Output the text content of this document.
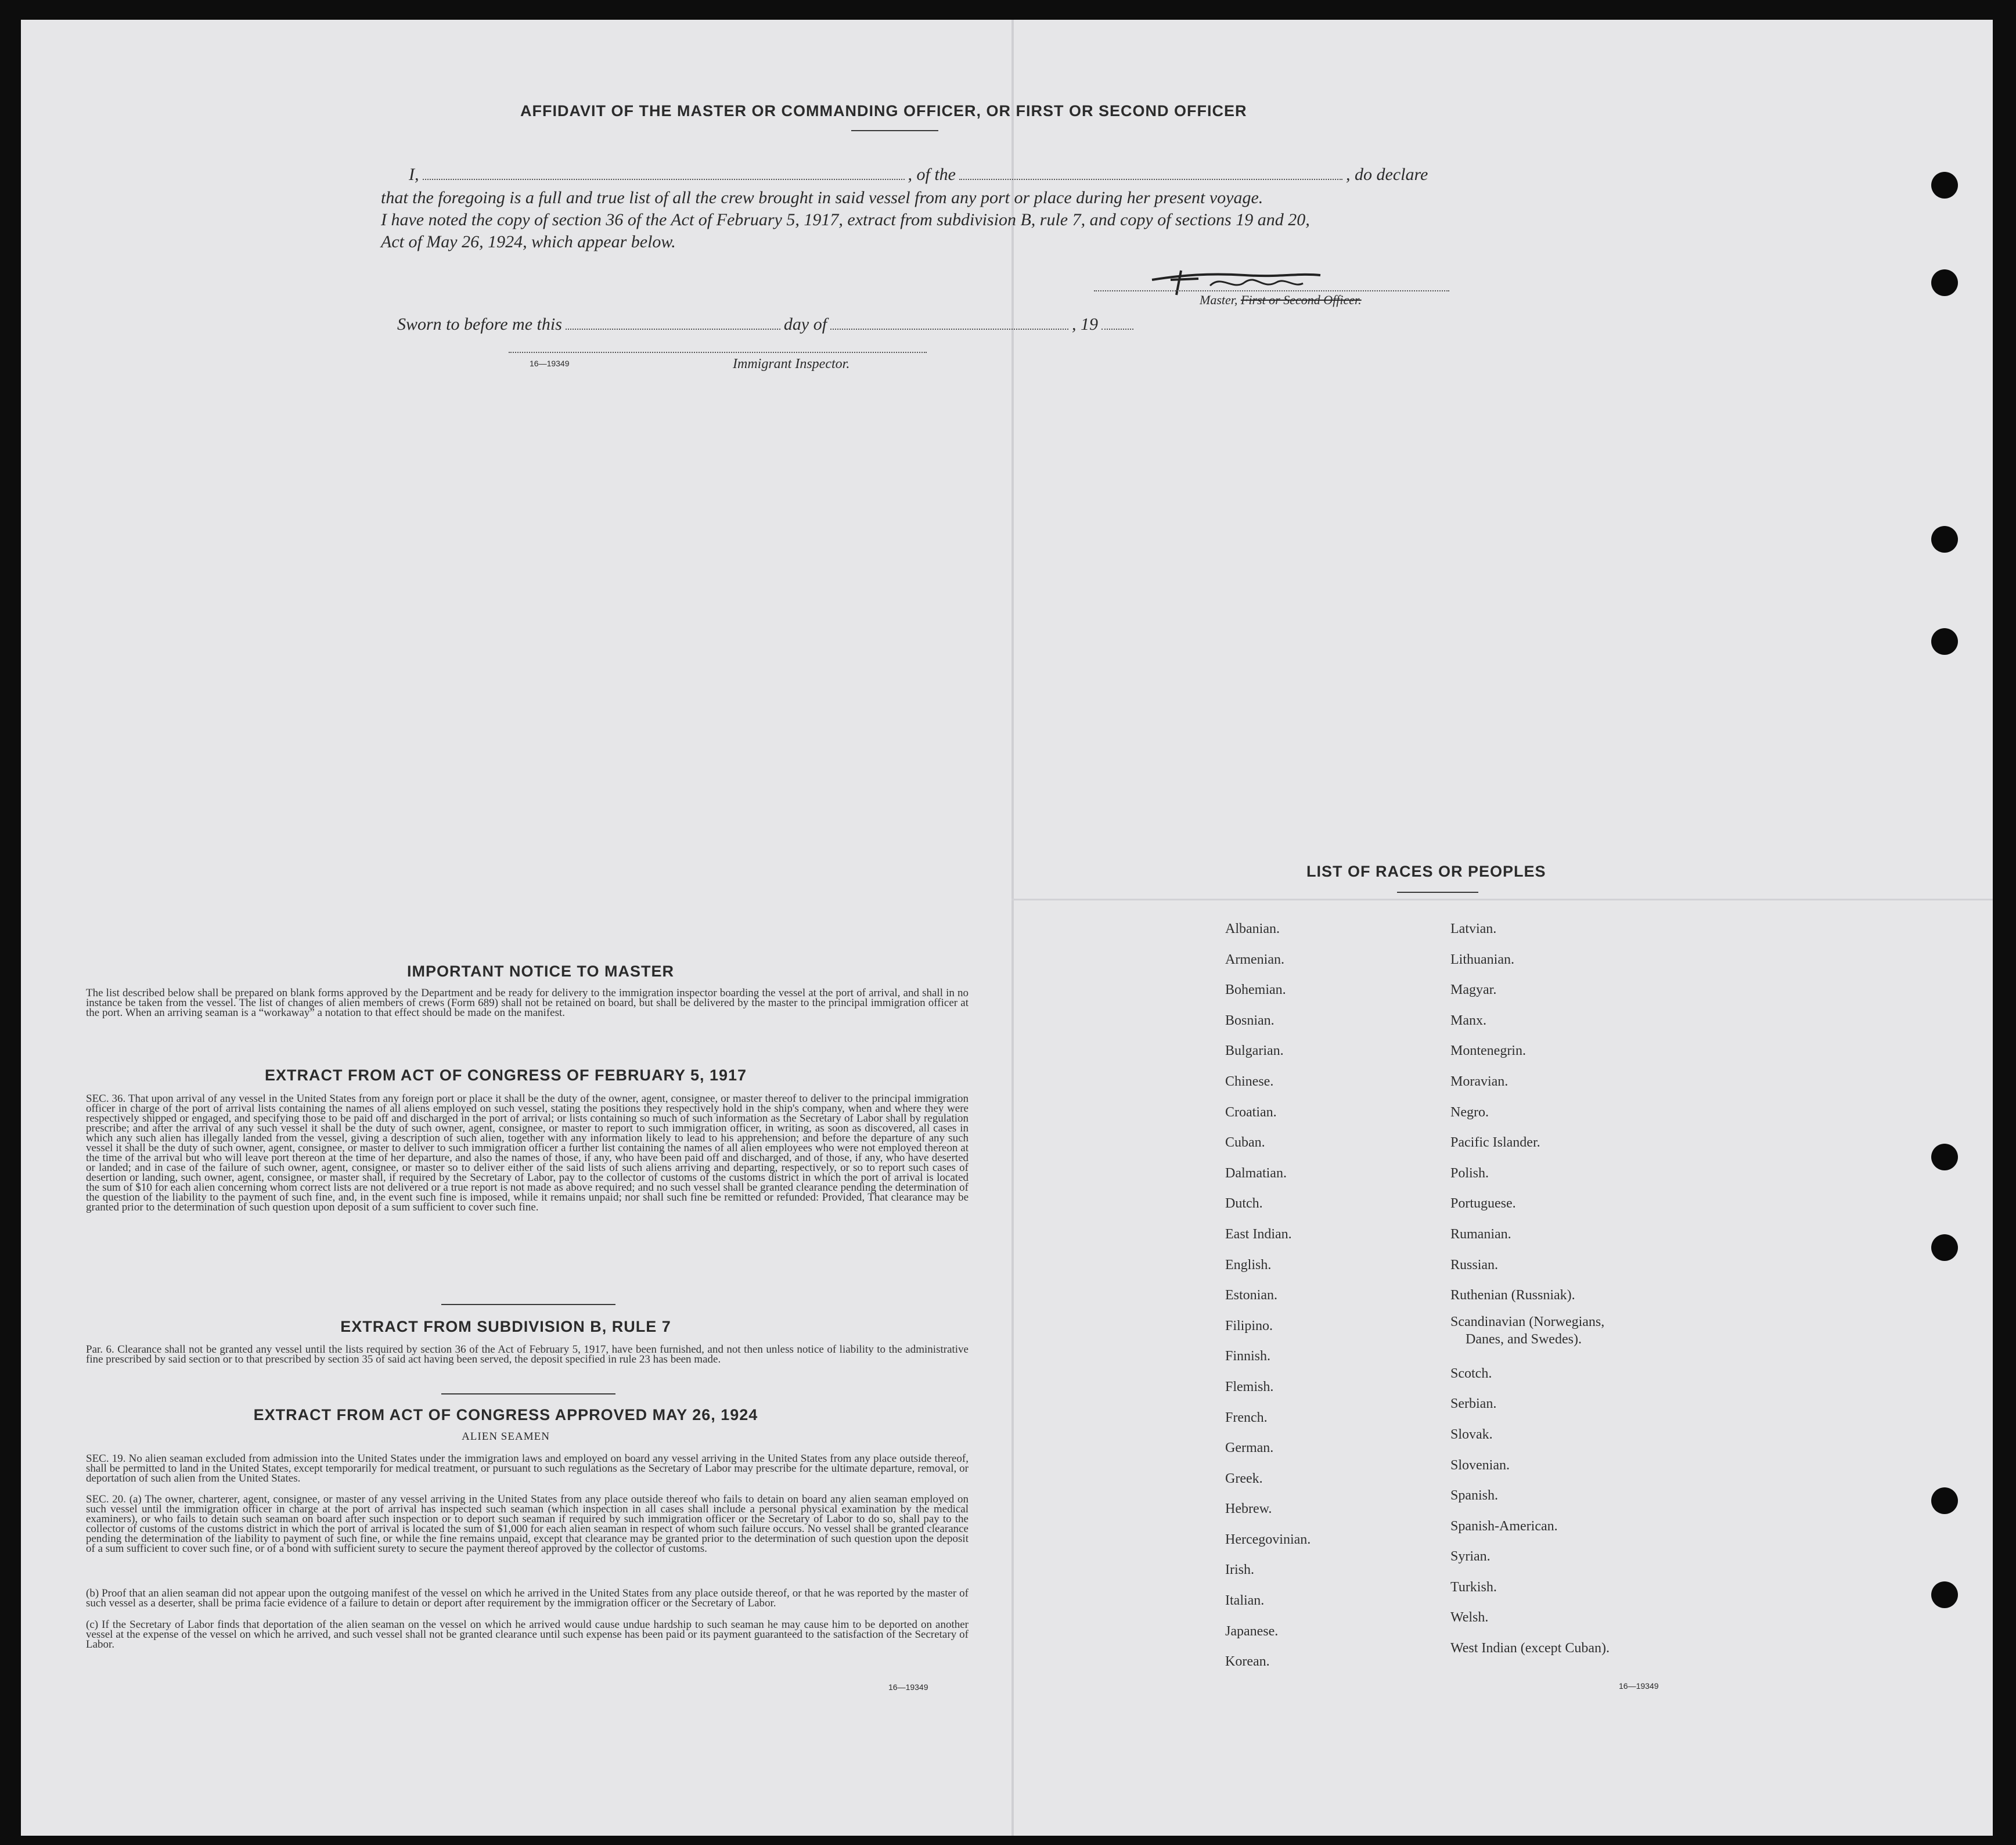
AFFIDAVIT OF THE MASTER OR COMMANDING OFFICER, OR FIRST OR SECOND OFFICER
I,	, of the	, do declare
that the foregoing is a full and true list of all the crew brought in said vessel from any port or place during her present voyage.
I have noted the copy of section 36 of the Act of February 5, 1917, extract from subdivision B, rule 7, and copy of sections 19 and 20,
Act of May 26, 1924, which appear below.
Master, First or Second Officer.
Sworn to before me this	day of	, 19
16—19349	Immigrant Inspector.
IMPORTANT NOTICE TO MASTER
The list described below shall be prepared on blank forms approved by the Department and be ready for delivery to the immigration inspector boarding the vessel at the port of arrival, and shall in no instance be taken from the vessel. The list of changes of alien members of crews (Form 689) shall not be retained on board, but shall be delivered by the master to the principal immigration officer at the port. When an arriving seaman is a “workaway” a notation to that effect should be made on the manifest.
EXTRACT FROM ACT OF CONGRESS OF FEBRUARY 5, 1917
SEC. 36. That upon arrival of any vessel in the United States from any foreign port or place it shall be the duty of the owner, agent, consignee, or master thereof to deliver to the principal immigration officer in charge of the port of arrival lists containing the names of all aliens employed on such vessel, stating the positions they respectively hold in the ship's company, when and where they were respectively shipped or engaged, and specifying those to be paid off and discharged in the port of arrival; or lists containing so much of such information as the Secretary of Labor shall by regulation prescribe; and after the arrival of any such vessel it shall be the duty of such owner, agent, consignee, or master to report to such immigration officer, in writing, as soon as discovered, all cases in which any such alien has illegally landed from the vessel, giving a description of such alien, together with any information likely to lead to his apprehension; and before the departure of any such vessel it shall be the duty of such owner, agent, consignee, or master to deliver to such immigration officer a further list containing the names of all alien employees who were not employed thereon at the time of the arrival but who will leave port thereon at the time of her departure, and also the names of those, if any, who have been paid off and discharged, and of those, if any, who have deserted or landed; and in case of the failure of such owner, agent, consignee, or master so to deliver either of the said lists of such aliens arriving and departing, respectively, or so to report such cases of desertion or landing, such owner, agent, consignee, or master shall, if required by the Secretary of Labor, pay to the collector of customs of the customs district in which the port of arrival is located the sum of $10 for each alien concerning whom correct lists are not delivered or a true report is not made as above required; and no such vessel shall be granted clearance pending the determination of the question of the liability to the payment of such fine, and, in the event such fine is imposed, while it remains unpaid; nor shall such fine be remitted or refunded: Provided, That clearance may be granted prior to the determination of such question upon deposit of a sum sufficient to cover such fine.
EXTRACT FROM SUBDIVISION B, RULE 7
Par. 6. Clearance shall not be granted any vessel until the lists required by section 36 of the Act of February 5, 1917, have been furnished, and not then unless notice of liability to the administrative fine prescribed by said section or to that prescribed by section 35 of said act having been served, the deposit specified in rule 23 has been made.
EXTRACT FROM ACT OF CONGRESS APPROVED MAY 26, 1924
ALIEN SEAMEN
SEC. 19. No alien seaman excluded from admission into the United States under the immigration laws and employed on board any vessel arriving in the United States from any place outside thereof, shall be permitted to land in the United States, except temporarily for medical treatment, or pursuant to such regulations as the Secretary of Labor may prescribe for the ultimate departure, removal, or deportation of such alien from the United States.
SEC. 20. (a) The owner, charterer, agent, consignee, or master of any vessel arriving in the United States from any place outside thereof who fails to detain on board any alien seaman employed on such vessel until the immigration officer in charge at the port of arrival has inspected such seaman (which inspection in all cases shall include a personal physical examination by the medical examiners), or who fails to detain such seaman on board after such inspection or to deport such seaman if required by such immigration officer or the Secretary of Labor to do so, shall pay to the collector of customs of the customs district in which the port of arrival is located the sum of $1,000 for each alien seaman in respect of whom such failure occurs. No vessel shall be granted clearance pending the determination of the liability to payment of such fine, or while the fine remains unpaid, except that clearance may be granted prior to the determination of such question upon the deposit of a sum sufficient to cover such fine, or of a bond with sufficient surety to secure the payment thereof approved by the collector of customs.
(b) Proof that an alien seaman did not appear upon the outgoing manifest of the vessel on which he arrived in the United States from any place outside thereof, or that he was reported by the master of such vessel as a deserter, shall be prima facie evidence of a failure to detain or deport after requirement by the immigration officer or the Secretary of Labor.
(c) If the Secretary of Labor finds that deportation of the alien seaman on the vessel on which he arrived would cause undue hardship to such seaman he may cause him to be deported on another vessel at the expense of the vessel on which he arrived, and such vessel shall not be granted clearance until such expense has been paid or its payment guaranteed to the satisfaction of the Secretary of Labor.
16—19349
LIST OF RACES OR PEOPLES
Albanian.
Armenian.
Bohemian.
Bosnian.
Bulgarian.
Chinese.
Croatian.
Cuban.
Dalmatian.
Dutch.
East Indian.
English.
Estonian.
Filipino.
Finnish.
Flemish.
French.
German.
Greek.
Hebrew.
Hercegovinian.
Irish.
Italian.
Japanese.
Korean.
Latvian.
Lithuanian.
Magyar.
Manx.
Montenegrin.
Moravian.
Negro.
Pacific Islander.
Polish.
Portuguese.
Rumanian.
Russian.
Ruthenian (Russniak).
Scandinavian (Norwegians,
Danes, and Swedes).
Scotch.
Serbian.
Slovak.
Slovenian.
Spanish.
Spanish-American.
Syrian.
Turkish.
Welsh.
West Indian (except Cuban).
16—19349
